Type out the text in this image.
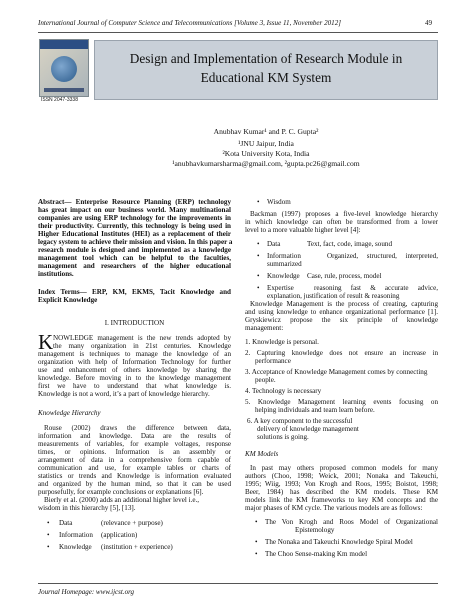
International Journal of Computer Science and Telecommunications [Volume 3, Issue 11, November 2012]	49
ISSN 2047-3338
Design and Implementation of Research Module in
Educational KM System
Anubhav Kumar¹ and P. C. Gupta²
¹JNU Jaipur, India
²Kota University Kota, India
¹anubhavkumarsharma@gmail.com, ²gupta.pc26@gmail.com
Abstract— Enterprise Resource Planning (ERP) technology
has great impact on our business world. Many multinational
companies are using ERP technology for the improvements in
their productivity. Currently, this technology is being used in
Higher Educational Institutes (HEI) as a replacement of their
legacy system to achieve their mission and vision. In this paper a
research module is designed and implemented as a knowledge
management tool which can be helpful to the faculties,
management and researchers of the higher educational
institutions.
Index Terms— ERP, KM, EKMS, Tacit Knowledge and
Explicit Knowledge
I. INTRODUCTION
K NOWLEDGE management is the new trends adopted by
the many organization in 21st centuries. Knowledge
management is techniques to manage the knowledge of an
organization with help of Information Technology for further
use and enhancement of others knowledge by sharing the
knowledge. Before moving in to the knowledge management
first we have to understand that what knowledge is.
Knowledge is not a word, it’s a part of knowledge hierarchy.
Knowledge Hierarchy
Rouse (2002) draws the difference between data,
information and knowledge. Data are the results of
measurements of variables, for example voltages, response
times, or opinions. Information is an assembly or
arrangement of data in a comprehensive form capable of
communication and use, for example tables or charts of
statistics or trends and Knowledge is information evaluated
and organized by the human mind, so that it can be used
purposefully, for example conclusions or explanations [6].
Bierly et al. (2000) adds an additional higher level i.e.,
wisdom in this hierarchy [5], [13].
• Data	(relevance + purpose)
• Information (application)
• Knowledge (institution + experience)
• Wisdom
Backman (1997) proposes a five-level knowledge hierarchy
in which knowledge can often be transformed from a lower
level to a more valuable higher level [4]:
• Data	Text, fact, code, image, sound
• Information	Organized, structured, interpreted,
summarized
• Knowledge Case, rule, process, model
• Expertise	reasoning fast & accurate advice,
explanation, justification of result & reasoning
Knowledge Management is the process of creating, capturing
and using knowledge to enhance organizational performance [1].
Gryskiewicz propose the six principle of knowledge
management:
1. Knowledge is personal.
2. Capturing knowledge does not ensure an increase in
performance
3. Acceptance of Knowledge Management comes by connecting
people.
4. Technology is necessary
5. Knowledge Management learning events focusing on
helping individuals and team learn before.
6. A key component to the successful
delivery of knowledge management
solutions is going.
KM Models
In past may others proposed common models for many
authors (Choo, 1998; Weick, 2001; Nonaka and Takeuchi,
1995; Wiig, 1993; Von Krogh and Roos, 1995; Boistot, 1998;
Beer, 1984) has described the KM models. These KM
models link the KM frameworks to key KM concepts and the
major phases of KM cycle. The various models are as follows:
• The Von Krogh and Roos Model of Organizational
Epistemology
• The Nonaka and Takeuchi Knowledge Spiral Model
• The Choo Sense-making Km model
Journal Homepage: www.ijcst.org
